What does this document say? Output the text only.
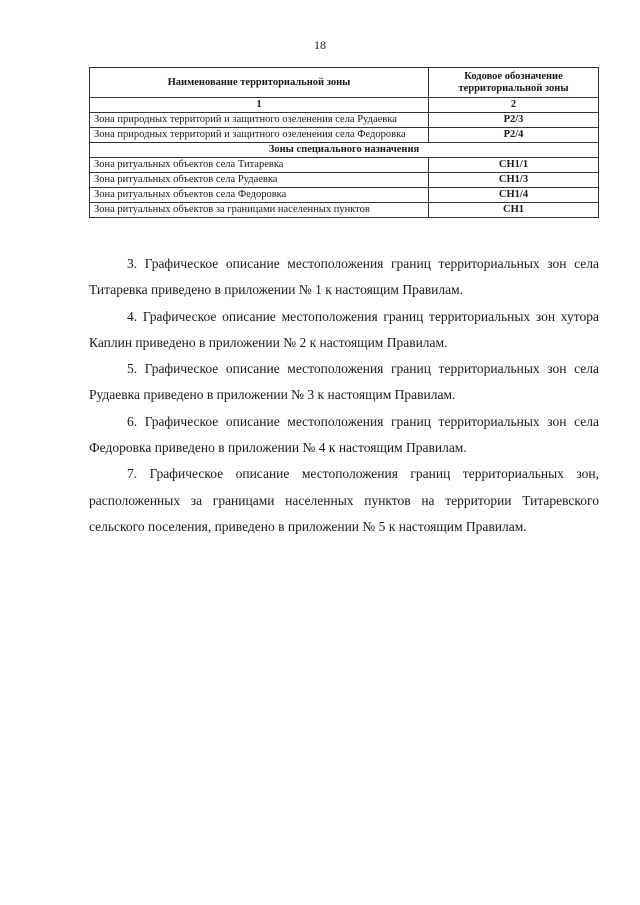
18
Наименование территориальной зоны	Кодовое обозначение территориальной зоны
1	2
Зона природных территорий и защитного озеленения села Рудаевка	Р2/3
Зона природных территорий и защитного озеленения села Федоровка	Р2/4
Зоны специального назначения	
Зона ритуальных объектов села Титаревка	СН1/1
Зона ритуальных объектов села Рудаевка	СН1/3
Зона ритуальных объектов села Федоровка	СН1/4
Зона ритуальных объектов за границами населенных пунктов	СН1

3. Графическое описание местоположения границ территориальных зон села Титаревка приведено в приложении № 1 к настоящим Правилам.

4. Графическое описание местоположения границ территориальных зон хутора Каплин приведено в приложении № 2 к настоящим Правилам.

5. Графическое описание местоположения границ территориальных зон села Рудаевка приведено в приложении № 3 к настоящим Правилам.

6. Графическое описание местоположения границ территориальных зон села Федоровка приведено в приложении № 4 к настоящим Правилам.

7. Графическое описание местоположения границ территориальных зон, расположенных за границами населенных пунктов на территории Титаревского сельского поселения, приведено в приложении № 5 к настоящим Правилам.
